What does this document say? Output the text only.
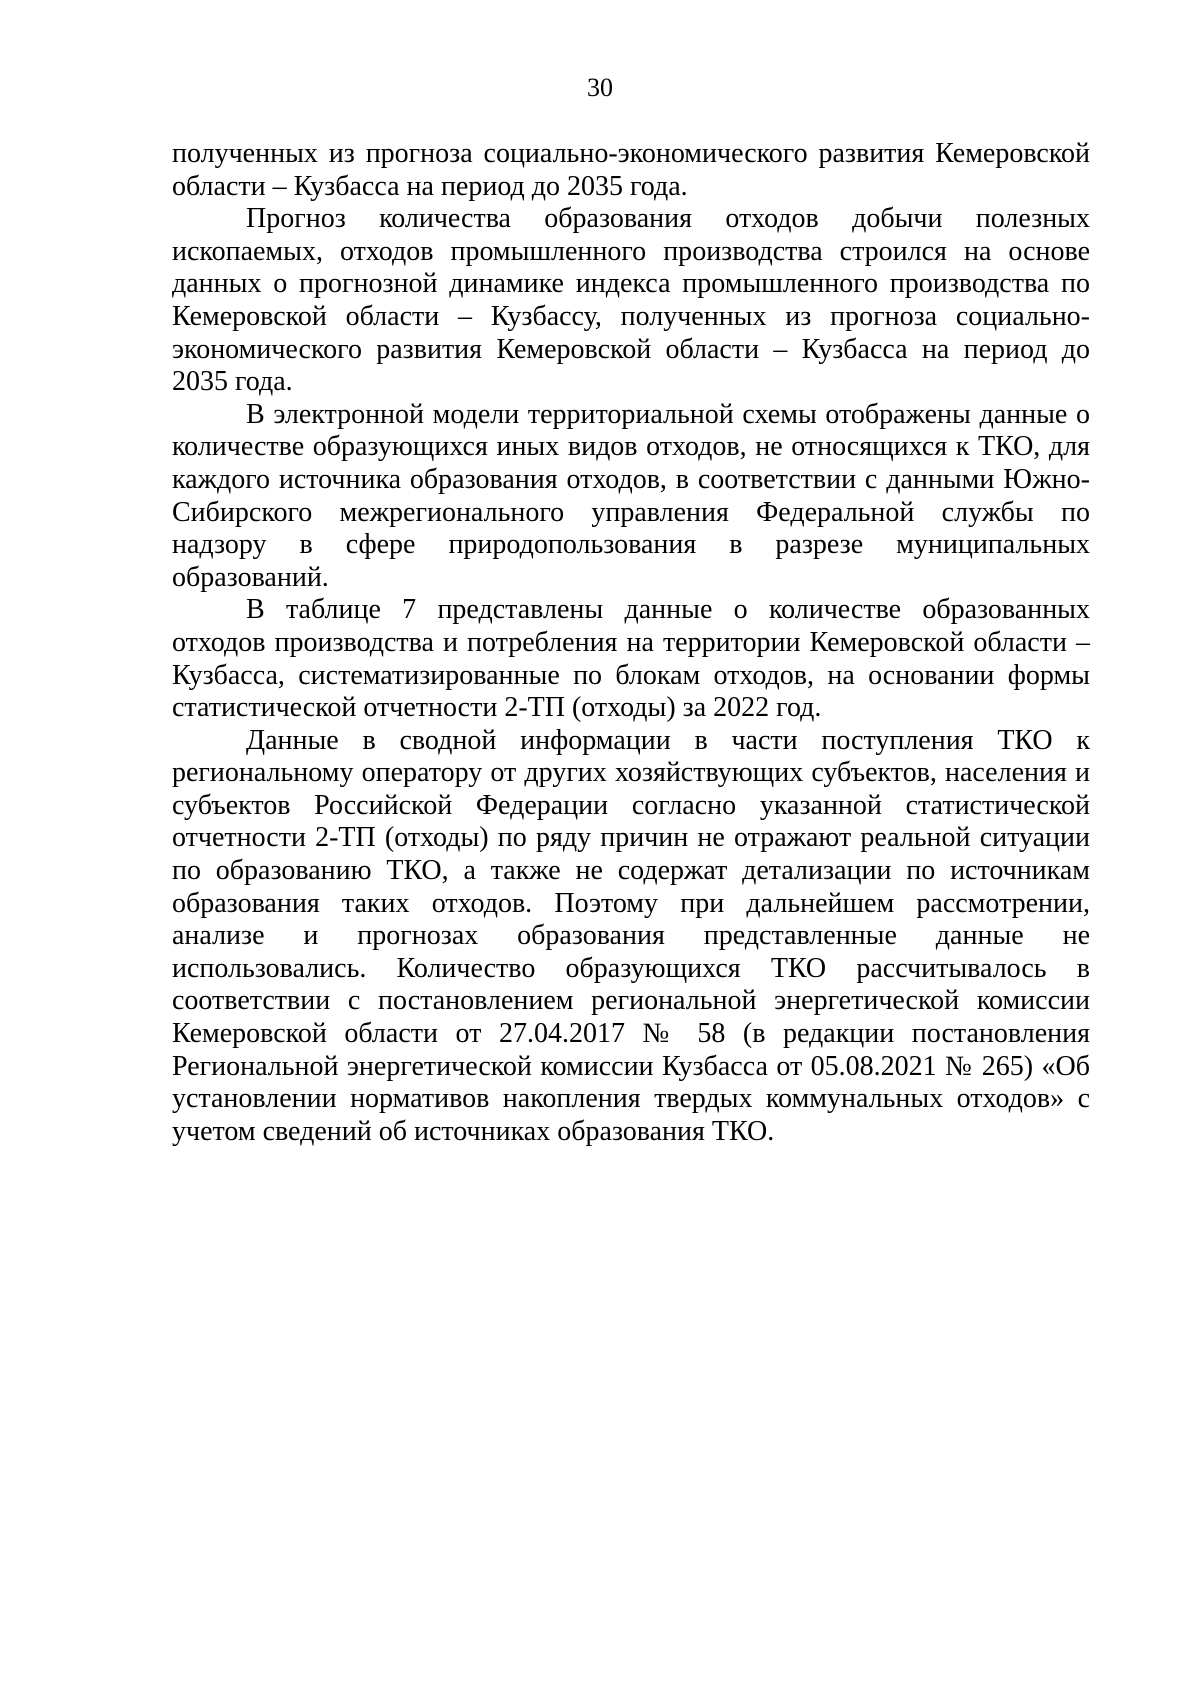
30

полученных из прогноза социально-экономического развития Кемеровской области – Кузбасса на период до 2035 года.

Прогноз количества образования отходов добычи полезных ископаемых, отходов промышленного производства строился на основе данных о прогнозной динамике индекса промышленного производства по Кемеровской области – Кузбассу, полученных из прогноза социально-экономического развития Кемеровской области – Кузбасса на период до 2035 года.

В электронной модели территориальной схемы отображены данные о количестве образующихся иных видов отходов, не относящихся к ТКО, для каждого источника образования отходов, в соответствии с данными Южно-Сибирского межрегионального управления Федеральной службы по надзору в сфере природопользования в разрезе муниципальных образований.

В таблице 7 представлены данные о количестве образованных отходов производства и потребления на территории Кемеровской области – Кузбасса, систематизированные по блокам отходов, на основании формы статистической отчетности 2-ТП (отходы) за 2022 год.

Данные в сводной информации в части поступления ТКО к региональному оператору от других хозяйствующих субъектов, населения и субъектов Российской Федерации согласно указанной статистической отчетности 2-ТП (отходы) по ряду причин не отражают реальной ситуации по образованию ТКО, а также не содержат детализации по источникам образования таких отходов. Поэтому при дальнейшем рассмотрении, анализе и прогнозах образования представленные данные не использовались. Количество образующихся ТКО рассчитывалось в соответствии с постановлением региональной энергетической комиссии Кемеровской области от 27.04.2017 № 58 (в редакции постановления Региональной энергетической комиссии Кузбасса от 05.08.2021 № 265) «Об установлении нормативов накопления твердых коммунальных отходов» с учетом сведений об источниках образования ТКО.
